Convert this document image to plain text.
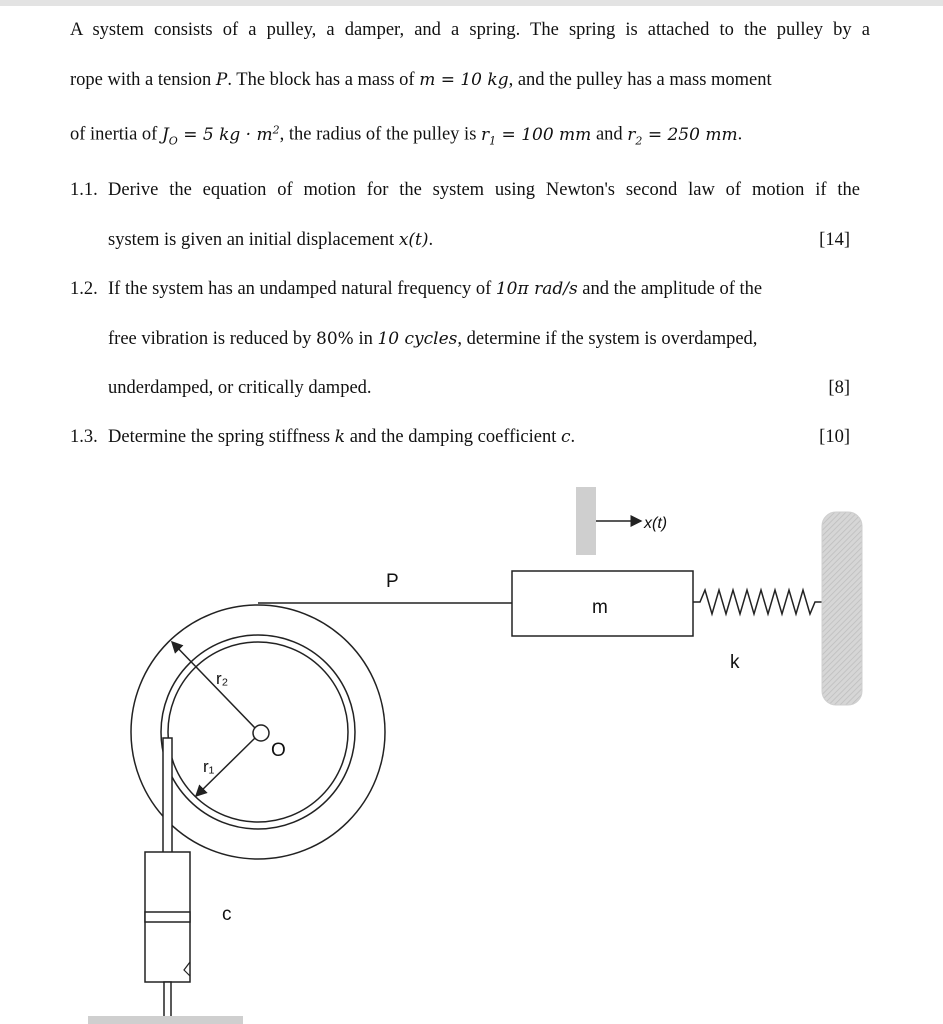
A system consists of a pulley, a damper, and a spring. The spring is attached to the pulley by a
rope with a tension P. The block has a mass of m = 10 kg, and the pulley has a mass moment
of inertia of $J_O = 5$ kg · $m^2$, the radius of the pulley is $r_1 = 100$ mm and $r_2 = 250$ mm.
1.1. Derive the equation of motion for the system using Newton's second law of motion if the
system is given an initial displacement x(t).	[14]
1.2. If the system has an undamped natural frequency of 10π rad/s and the amplitude of the
free vibration is reduced by 80% in 10 cycles, determine if the system is overdamped,
underdamped, or critically damped.	[8]
1.3. Determine the spring stiffness k and the damping coefficient c.	[10]
x(t)
P
m
k
r₂
r₁
O
c
